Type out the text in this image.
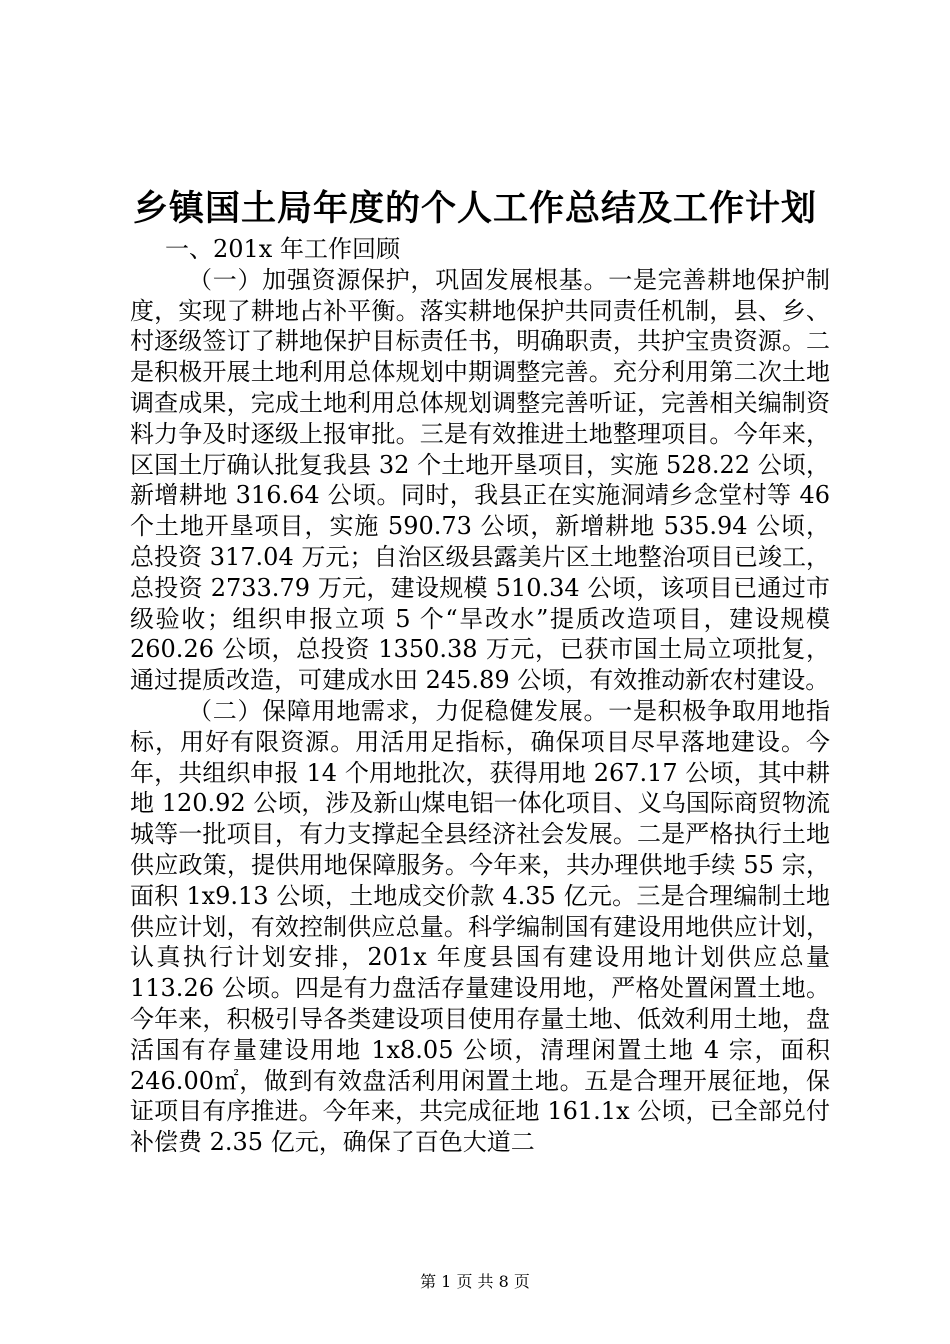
乡镇国土局年度的个人工作总结及工作计划

一、201x 年工作回顾

（一）加强资源保护，巩固发展根基。一是完善耕地保护制度，实现了耕地占补平衡。落实耕地保护共同责任机制，县、乡、村逐级签订了耕地保护目标责任书，明确职责，共护宝贵资源。二是积极开展土地利用总体规划中期调整完善。充分利用第二次土地调查成果，完成土地利用总体规划调整完善听证，完善相关编制资料力争及时逐级上报审批。三是有效推进土地整理项目。今年来，区国土厅确认批复我县 32 个土地开垦项目，实施 528.22 公顷，新增耕地 316.64 公顷。同时，我县正在实施洞靖乡念堂村等 46 个土地开垦项目，实施 590.73 公顷，新增耕地 535.94 公顷，总投资 317.04 万元；自治区级县露美片区土地整治项目已竣工，总投资 2733.79 万元，建设规模 510.34 公顷，该项目已通过市级验收；组织申报立项 5 个“旱改水”提质改造项目，建设规模 260.26 公顷，总投资 1350.38 万元，已获市国土局立项批复，通过提质改造，可建成水田 245.89 公顷，有效推动新农村建设。

（二）保障用地需求，力促稳健发展。一是积极争取用地指标，用好有限资源。用活用足指标，确保项目尽早落地建设。今年，共组织申报 14 个用地批次，获得用地 267.17 公顷，其中耕地 120.92 公顷，涉及新山煤电铝一体化项目、义乌国际商贸物流城等一批项目，有力支撑起全县经济社会发展。二是严格执行土地供应政策，提供用地保障服务。今年来，共办理供地手续 55 宗，面积 1x9.13 公顷，土地成交价款 4.35 亿元。三是合理编制土地供应计划，有效控制供应总量。科学编制国有建设用地供应计划，认真执行计划安排，201x 年度县国有建设用地计划供应总量 113.26 公顷。四是有力盘活存量建设用地，严格处置闲置土地。今年来，积极引导各类建设项目使用存量土地、低效利用土地，盘活国有存量建设用地 1x8.05 公顷，清理闲置土地 4 宗，面积 246.00㎡，做到有效盘活利用闲置土地。五是合理开展征地，保证项目有序推进。今年来，共完成征地 161.1x 公顷，已全部兑付补偿费 2.35 亿元，确保了百色大道二

第 1 页 共 8 页
